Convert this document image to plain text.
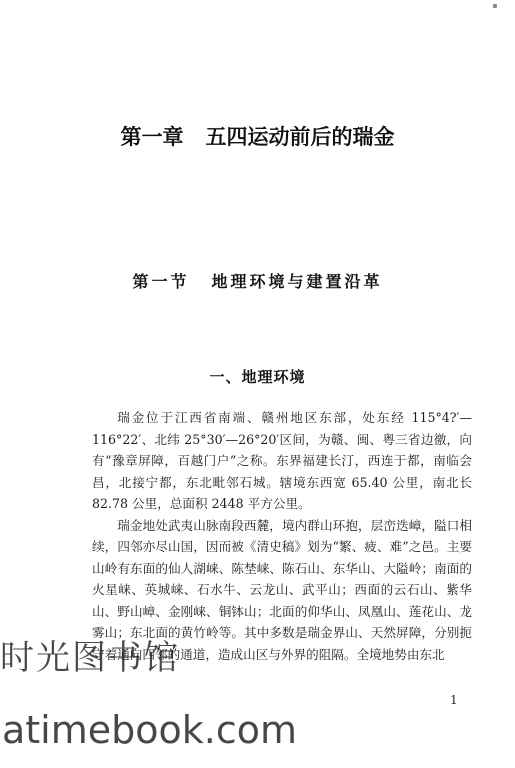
第一章 五四运动前后的瑞金
第一节 地理环境与建置沿革
一、地理环境

瑞金位于江西省南端、赣州地区东部，处东经 115°4?′—116°22′、北纬 25°30′—26°20′区间，为赣、闽、粤三省边徼，向有“豫章屏障，百越门户”之称。东界福建长汀，西连于都，南临会昌，北接宁都，东北毗邻石城。辖境东西宽 65.40 公里，南北长 82.78 公里，总面积 2448 平方公里。

瑞金地处武夷山脉南段西麓，境内群山环抱，层峦迭嶂，隘口相续，四邻亦尽山国，因而被《清史稿》划为“繁、疲、难”之邑。主要山岭有东面的仙人湖崃、陈埜崃、陈石山、东华山、大隘岭；南面的火星崃、英城崃、石水牛、云龙山、武平山；西面的云石山、紫华山、野山嶂、金刚崃、铜钵山；北面的仰华山、凤凰山、莲花山、龙雾山；东北面的黄竹岭等。其中多数是瑞金界山、天然屏障，分别扼守着通向四邻的通道，造成山区与外界的阻隔。全境地势由东北

1
时光图书馆
atimebook.com
